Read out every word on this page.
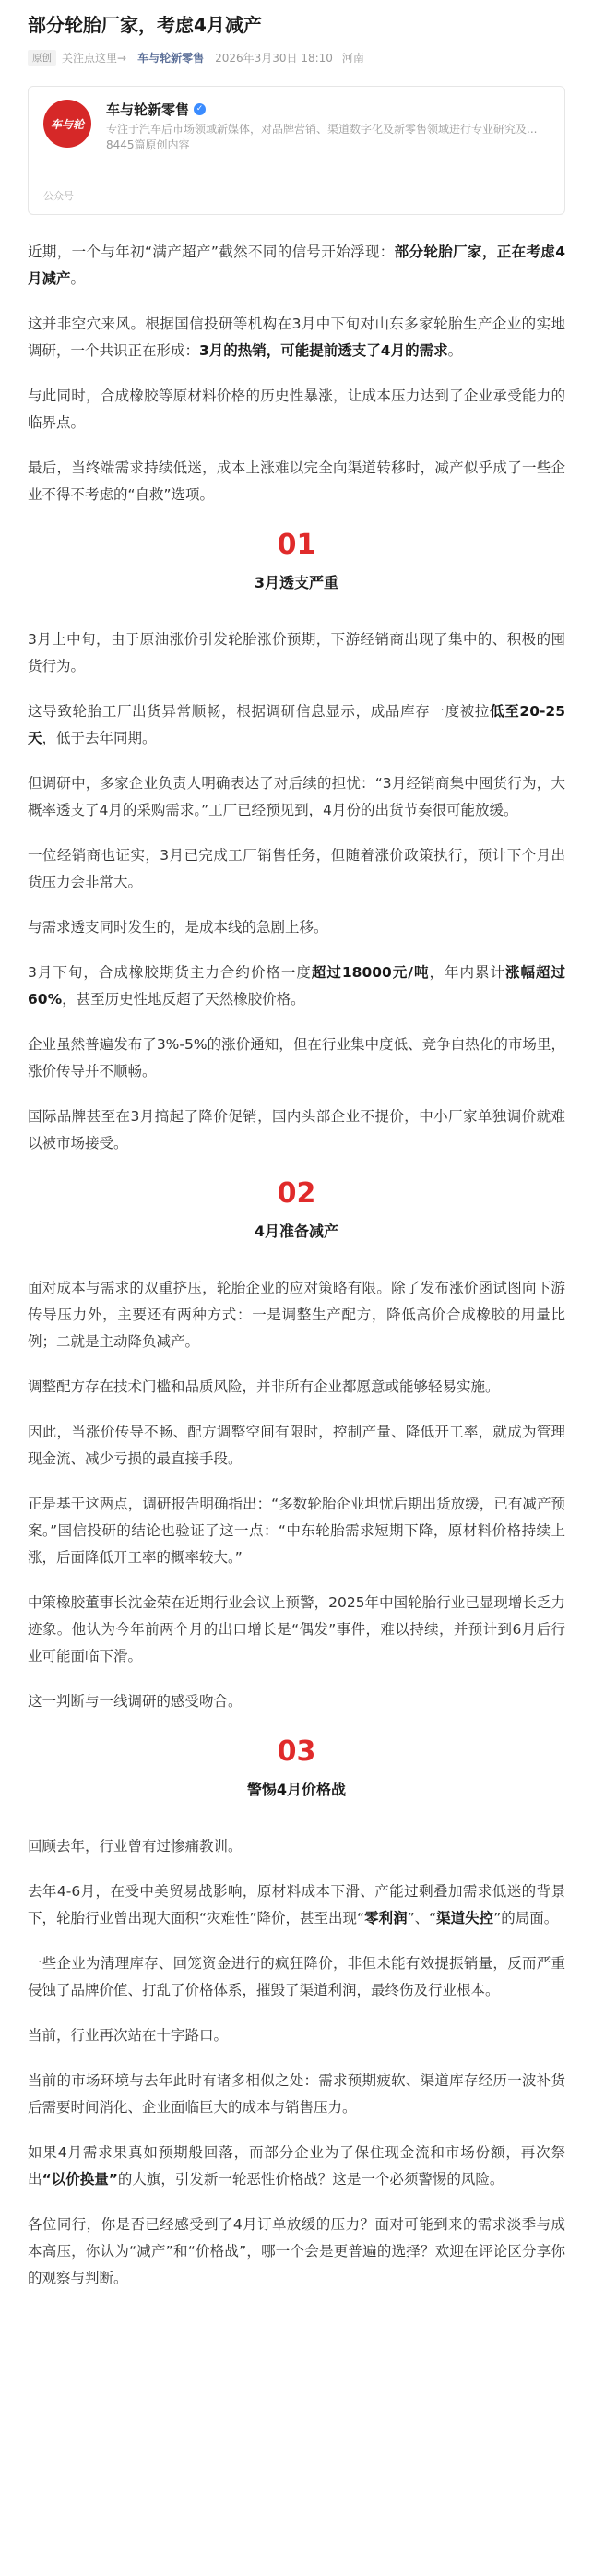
部分轮胎厂家，考虑4月减产
原创 关注点这里→ 车与轮新零售 2026年3月30日 18:10 河南
车与轮
车与轮新零售 ✓
专注于汽车后市场领域新媒体，对品牌营销、渠道数字化及新零售领域进行专业研究及...
8445篇原创内容
公众号
近期，一个与年初“满产超产”截然不同的信号开始浮现：部分轮胎厂家，正在考虑4月减产。
这并非空穴来风。根据国信投研等机构在3月中下旬对山东多家轮胎生产企业的实地调研，一个共识正在形成：3月的热销，可能提前透支了4月的需求。
与此同时，合成橡胶等原材料价格的历史性暴涨，让成本压力达到了企业承受能力的临界点。
最后，当终端需求持续低迷，成本上涨难以完全向渠道转移时，减产似乎成了一些企业不得不考虑的“自救”选项。
01
3月透支严重
3月上中旬，由于原油涨价引发轮胎涨价预期，下游经销商出现了集中的、积极的囤货行为。
这导致轮胎工厂出货异常顺畅，根据调研信息显示，成品库存一度被拉低至20-25天，低于去年同期。
但调研中，多家企业负责人明确表达了对后续的担忧：“3月经销商集中囤货行为，大概率透支了4月的采购需求。”工厂已经预见到，4月份的出货节奏很可能放缓。
一位经销商也证实，3月已完成工厂销售任务，但随着涨价政策执行，预计下个月出货压力会非常大。
与需求透支同时发生的，是成本线的急剧上移。
3月下旬，合成橡胶期货主力合约价格一度超过18000元/吨，年内累计涨幅超过60%，甚至历史性地反超了天然橡胶价格。
企业虽然普遍发布了3%-5%的涨价通知，但在行业集中度低、竞争白热化的市场里，涨价传导并不顺畅。
国际品牌甚至在3月搞起了降价促销，国内头部企业不提价，中小厂家单独调价就难以被市场接受。
02
4月准备减产
面对成本与需求的双重挤压，轮胎企业的应对策略有限。除了发布涨价函试图向下游传导压力外，主要还有两种方式：一是调整生产配方，降低高价合成橡胶的用量比例；二就是主动降负减产。
调整配方存在技术门槛和品质风险，并非所有企业都愿意或能够轻易实施。
因此，当涨价传导不畅、配方调整空间有限时，控制产量、降低开工率，就成为管理现金流、减少亏损的最直接手段。
正是基于这两点，调研报告明确指出：“多数轮胎企业坦忧后期出货放缓，已有减产预案。”国信投研的结论也验证了这一点：“中东轮胎需求短期下降，原材料价格持续上涨，后面降低开工率的概率较大。”
中策橡胶董事长沈金荣在近期行业会议上预警，2025年中国轮胎行业已显现增长乏力迹象。他认为今年前两个月的出口增长是“偶发”事件，难以持续，并预计到6月后行业可能面临下滑。
这一判断与一线调研的感受吻合。
03
警惕4月价格战
回顾去年，行业曾有过惨痛教训。
去年4-6月，在受中美贸易战影响，原材料成本下滑、产能过剩叠加需求低迷的背景下，轮胎行业曾出现大面积“灾难性”降价，甚至出现“零利润”、“渠道失控”的局面。
一些企业为清理库存、回笼资金进行的疯狂降价，非但未能有效提振销量，反而严重侵蚀了品牌价值、打乱了价格体系，摧毁了渠道利润，最终伤及行业根本。
当前，行业再次站在十字路口。
当前的市场环境与去年此时有诸多相似之处：需求预期疲软、渠道库存经历一波补货后需要时间消化、企业面临巨大的成本与销售压力。
如果4月需求果真如预期般回落，而部分企业为了保住现金流和市场份额，再次祭出“以价换量”的大旗，引发新一轮恶性价格战？这是一个必须警惕的风险。
各位同行，你是否已经感受到了4月订单放缓的压力？面对可能到来的需求淡季与成本高压，你认为“减产”和“价格战”，哪一个会是更普遍的选择？欢迎在评论区分享你的观察与判断。
